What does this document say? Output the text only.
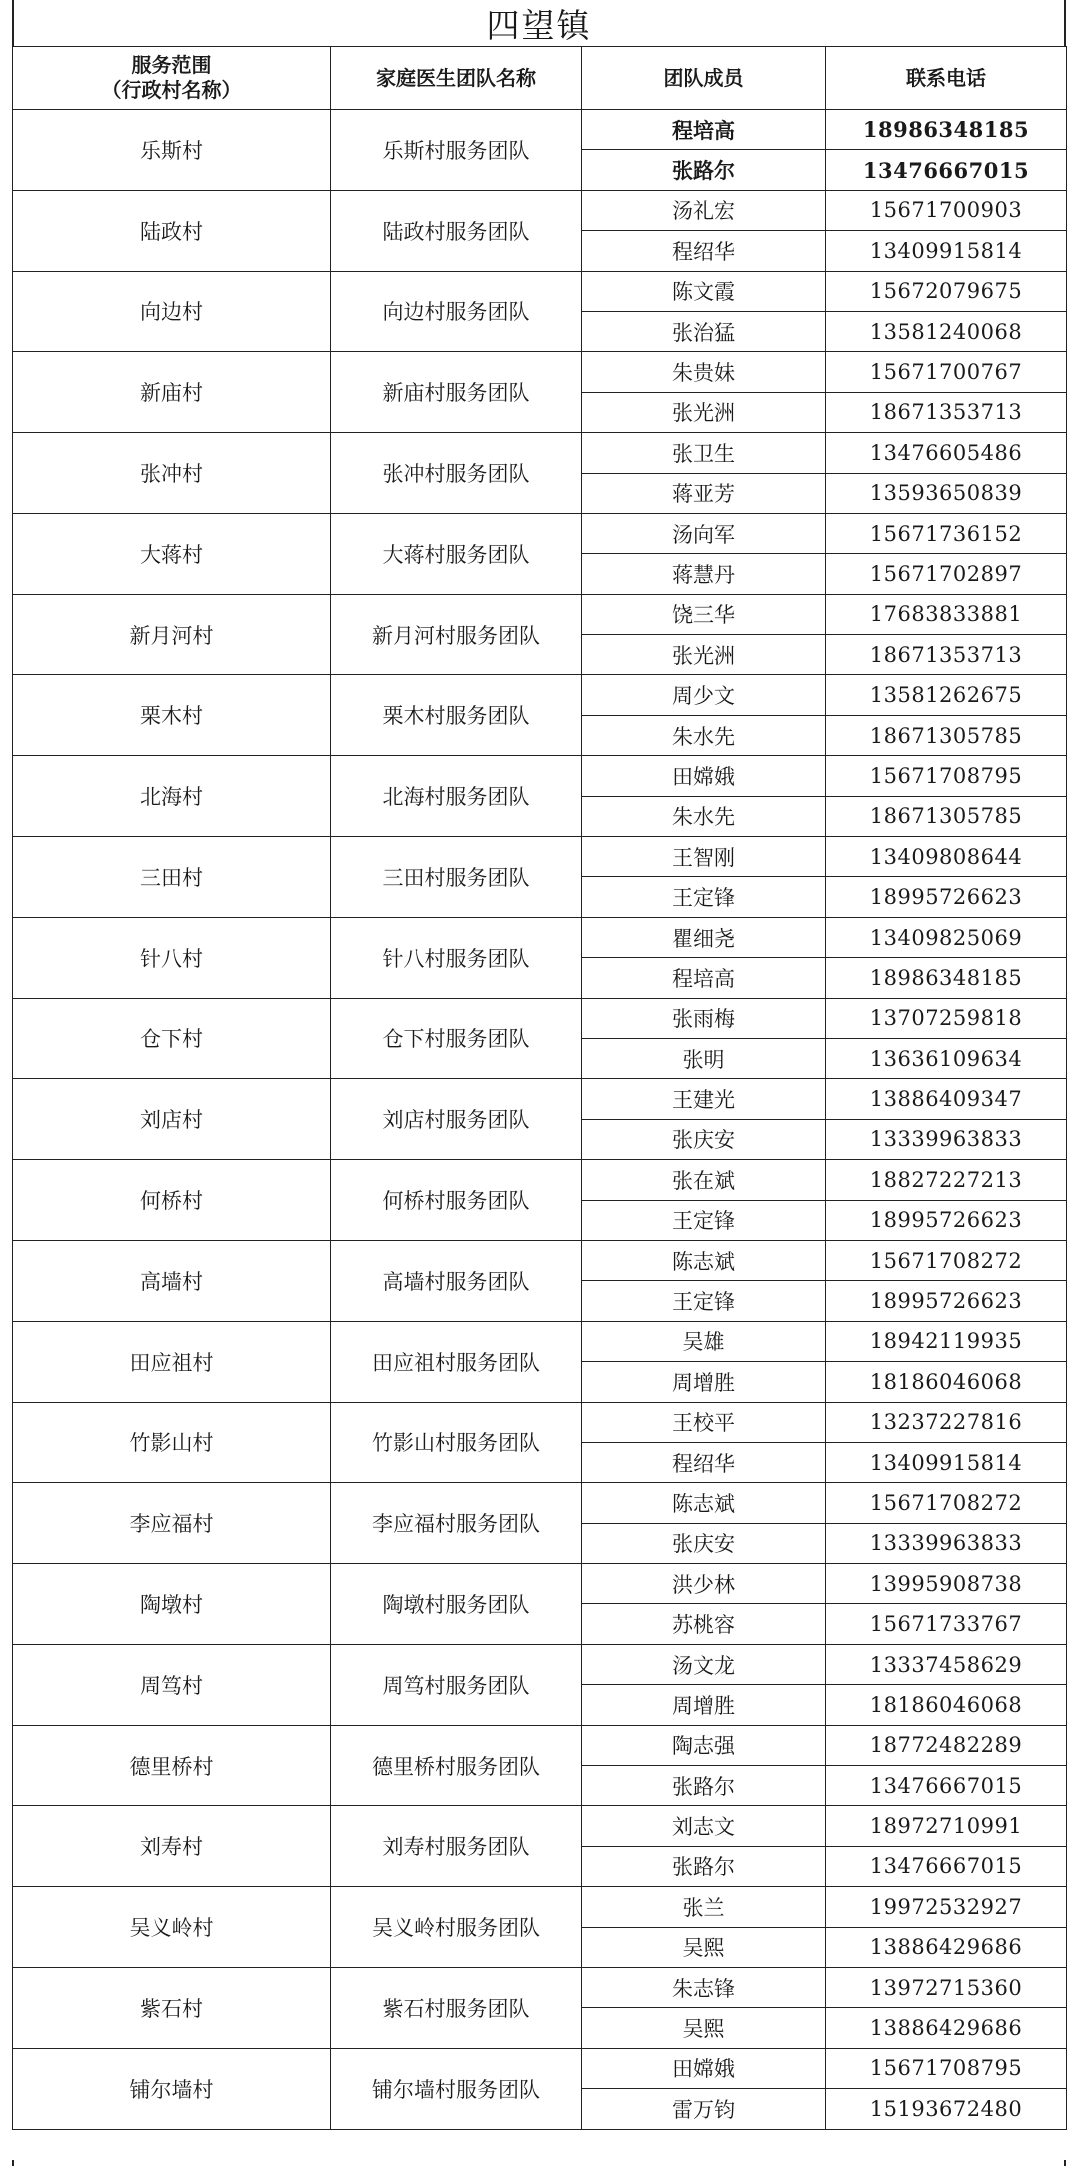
四望镇
服务范围
（行政村名称）	家庭医生团队名称	团队成员	联系电话
乐斯村	乐斯村服务团队	程培高	18986348185
		张路尔	13476667015
陆政村	陆政村服务团队	汤礼宏	15671700903
		程绍华	13409915814
向边村	向边村服务团队	陈文霞	15672079675
		张治猛	13581240068
新庙村	新庙村服务团队	朱贵妹	15671700767
		张光洲	18671353713
张冲村	张冲村服务团队	张卫生	13476605486
		蒋亚芳	13593650839
大蒋村	大蒋村服务团队	汤向军	15671736152
		蒋慧丹	15671702897
新月河村	新月河村服务团队	饶三华	17683833881
		张光洲	18671353713
栗木村	栗木村服务团队	周少文	13581262675
		朱水先	18671305785
北海村	北海村服务团队	田嫦娥	15671708795
		朱水先	18671305785
三田村	三田村服务团队	王智刚	13409808644
		王定锋	18995726623
针八村	针八村服务团队	瞿细尧	13409825069
		程培高	18986348185
仓下村	仓下村服务团队	张雨梅	13707259818
		张明	13636109634
刘店村	刘店村服务团队	王建光	13886409347
		张庆安	13339963833
何桥村	何桥村服务团队	张在斌	18827227213
		王定锋	18995726623
高墙村	高墙村服务团队	陈志斌	15671708272
		王定锋	18995726623
田应祖村	田应祖村服务团队	吴雄	18942119935
		周增胜	18186046068
竹影山村	竹影山村服务团队	王校平	13237227816
		程绍华	13409915814
李应福村	李应福村服务团队	陈志斌	15671708272
		张庆安	13339963833
陶墩村	陶墩村服务团队	洪少林	13995908738
		苏桃容	15671733767
周笃村	周笃村服务团队	汤文龙	13337458629
		周增胜	18186046068
德里桥村	德里桥村服务团队	陶志强	18772482289
		张路尔	13476667015
刘寿村	刘寿村服务团队	刘志文	18972710991
		张路尔	13476667015
吴义岭村	吴义岭村服务团队	张兰	19972532927
		吴熙	13886429686
紫石村	紫石村服务团队	朱志锋	13972715360
		吴熙	13886429686
铺尔墙村	铺尔墙村服务团队	田嫦娥	15671708795
		雷万钧	15193672480
